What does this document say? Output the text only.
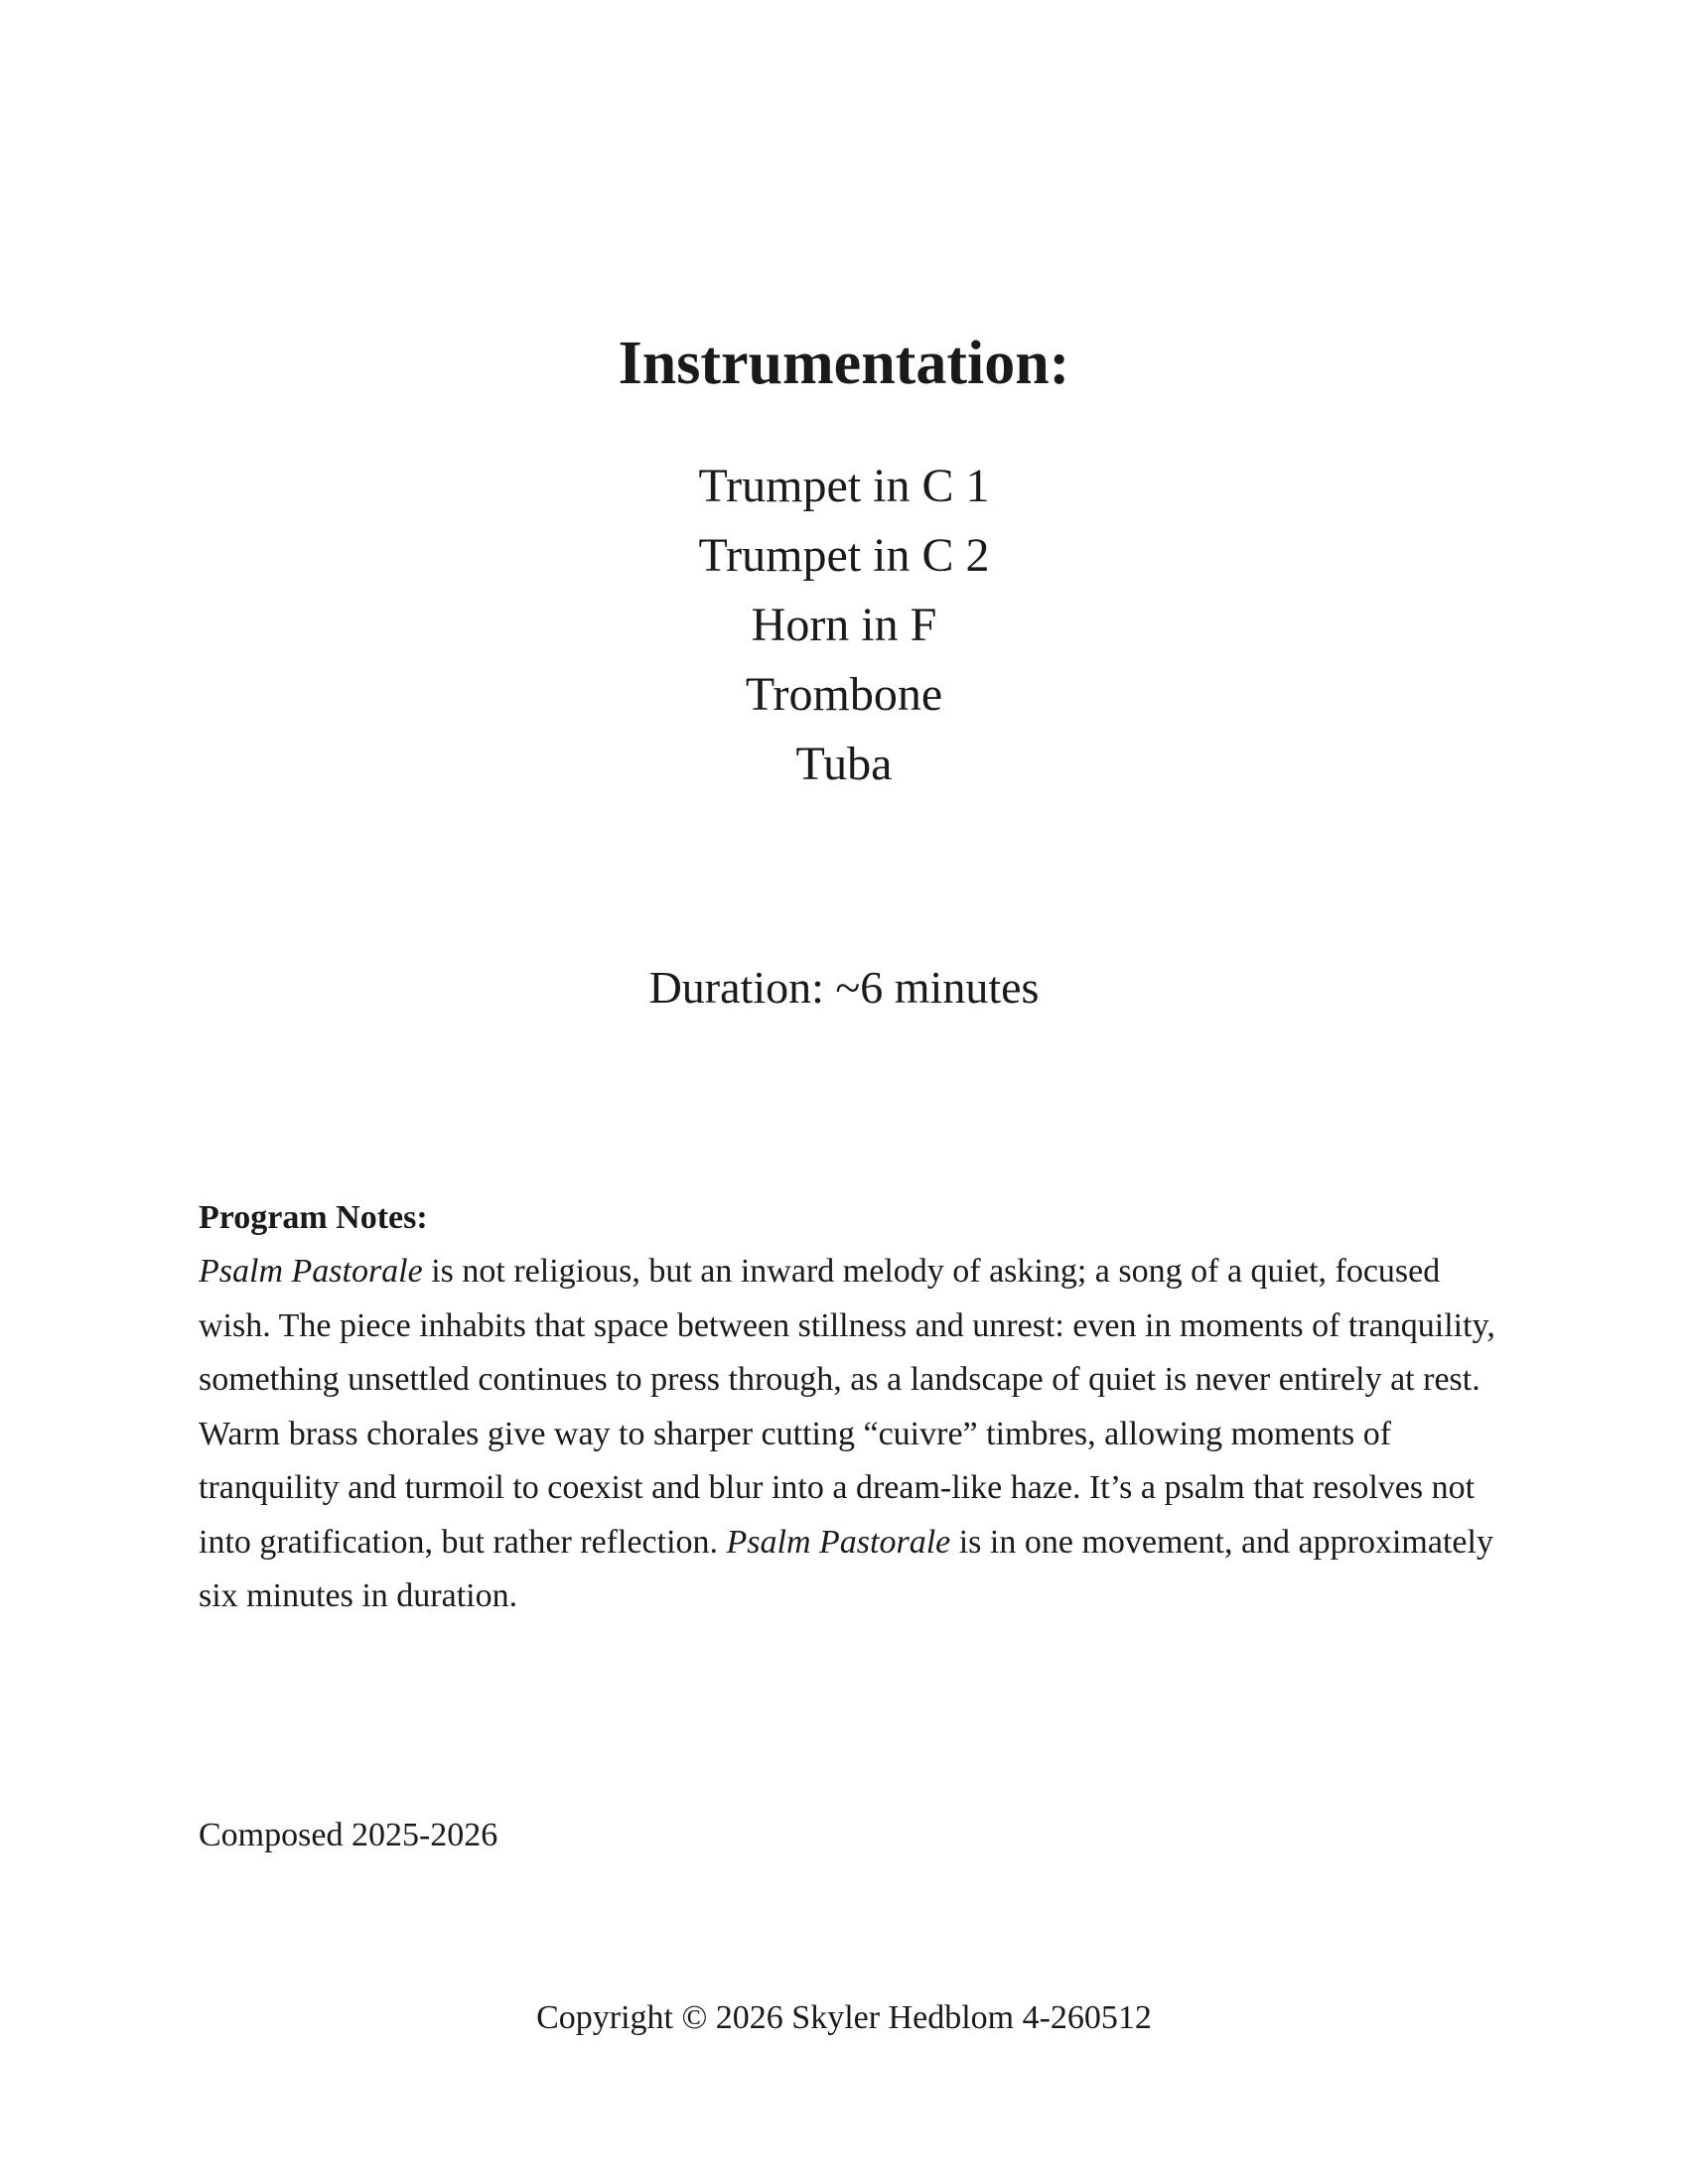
Instrumentation:
Trumpet in C 1
Trumpet in C 2
Horn in F
Trombone
Tuba
Duration: ~6 minutes
Program Notes:

Psalm Pastorale is not religious, but an inward melody of asking; a song of a quiet, focused wish. The piece inhabits that space between stillness and unrest: even in moments of tranquility, something unsettled continues to press through, as a landscape of quiet is never entirely at rest. Warm brass chorales give way to sharper cutting “cuivre” timbres, allowing moments of tranquility and turmoil to coexist and blur into a dream-like haze. It’s a psalm that resolves not into gratification, but rather reflection. Psalm Pastorale is in one movement, and approximately six minutes in duration.

Composed 2025-2026
Copyright © 2026 Skyler Hedblom 4-260512
